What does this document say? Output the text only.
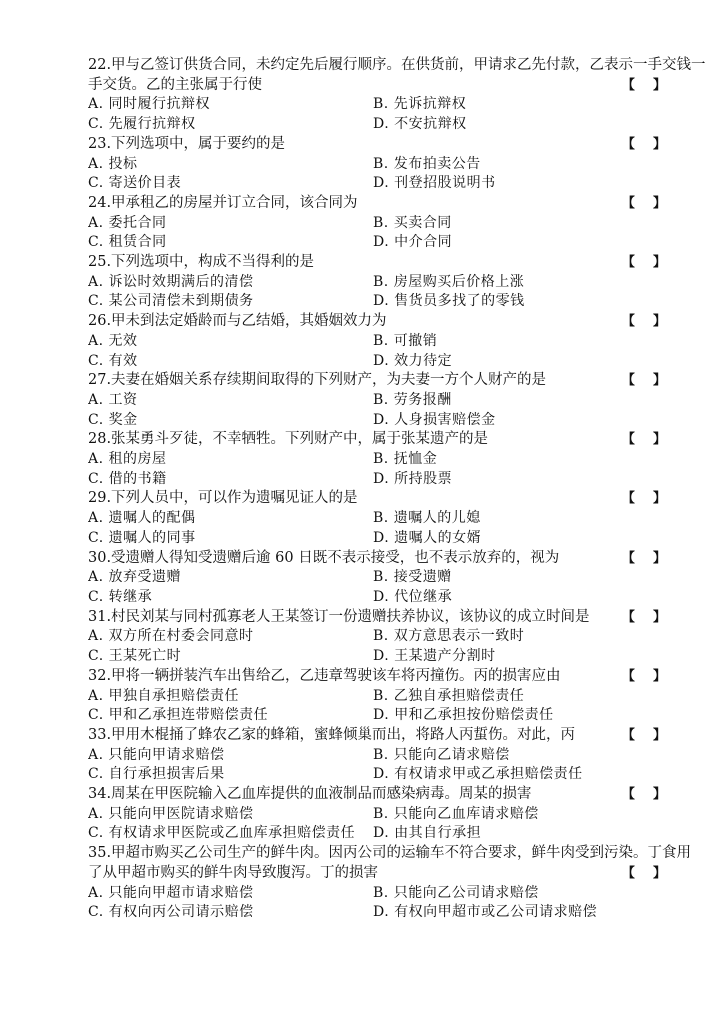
22.甲与乙签订供货合同，未约定先后履行顺序。在供货前，甲请求乙先付款，乙表示一手交钱一
手交货。乙的主张属于行使	【    】
A. 同时履行抗辩权	B. 先诉抗辩权
C. 先履行抗辩权	D. 不安抗辩权
23.下列选项中，属于要约的是	【    】
A. 投标	B. 发布拍卖公告
C. 寄送价目表	D. 刊登招股说明书
24.甲承租乙的房屋并订立合同，该合同为	【    】
A. 委托合同	B. 买卖合同
C. 租赁合同	D. 中介合同
25.下列选项中，构成不当得利的是	【    】
A. 诉讼时效期满后的清偿	B. 房屋购买后价格上涨
C. 某公司清偿未到期债务	D. 售货员多找了的零钱
26.甲未到法定婚龄而与乙结婚，其婚姻效力为	【    】
A. 无效	B. 可撤销
C. 有效	D. 效力待定
27.夫妻在婚姻关系存续期间取得的下列财产，为夫妻一方个人财产的是	【    】
A. 工资	B. 劳务报酬
C. 奖金	D. 人身损害赔偿金
28.张某勇斗歹徒，不幸牺牲。下列财产中，属于张某遗产的是	【    】
A. 租的房屋	B. 抚恤金
C. 借的书籍	D. 所持股票
29.下列人员中，可以作为遗嘱见证人的是	【    】
A. 遗嘱人的配偶	B. 遗嘱人的儿媳
C. 遗嘱人的同事	D. 遗嘱人的女婿
30.受遗赠人得知受遗赠后逾 60 日既不表示接受，也不表示放弃的，视为	【    】
A. 放弃受遗赠	B. 接受遗赠
C. 转继承	D. 代位继承
31.村民刘某与同村孤寡老人王某签订一份遗赠扶养协议，该协议的成立时间是 【    】
A. 双方所在村委会同意时	B. 双方意思表示一致时
C. 王某死亡时	D. 王某遗产分割时
32.甲将一辆拼装汽车出售给乙，乙违章驾驶该车将丙撞伤。丙的损害应由	【    】
A. 甲独自承担赔偿责任	B. 乙独自承担赔偿责任
C. 甲和乙承担连带赔偿责任	D. 甲和乙承担按份赔偿责任
33.甲用木棍捅了蜂农乙家的蜂箱，蜜蜂倾巢而出，将路人丙蜇伤。对此，丙	【    】
A. 只能向甲请求赔偿	B. 只能向乙请求赔偿
C. 自行承担损害后果	D. 有权请求甲或乙承担赔偿责任
34.周某在甲医院输入乙血库提供的血液制品而感染病毒。周某的损害	【    】
A. 只能向甲医院请求赔偿	B. 只能向乙血库请求赔偿
C. 有权请求甲医院或乙血库承担赔偿责任	D. 由其自行承担
35.甲超市购买乙公司生产的鲜牛肉。因丙公司的运输车不符合要求，鲜牛肉受到污染。丁食用
了从甲超市购买的鲜牛肉导致腹泻。丁的损害	【    】
A. 只能向甲超市请求赔偿	B. 只能向乙公司请求赔偿
C. 有权向丙公司请示赔偿	D. 有权向甲超市或乙公司请求赔偿
